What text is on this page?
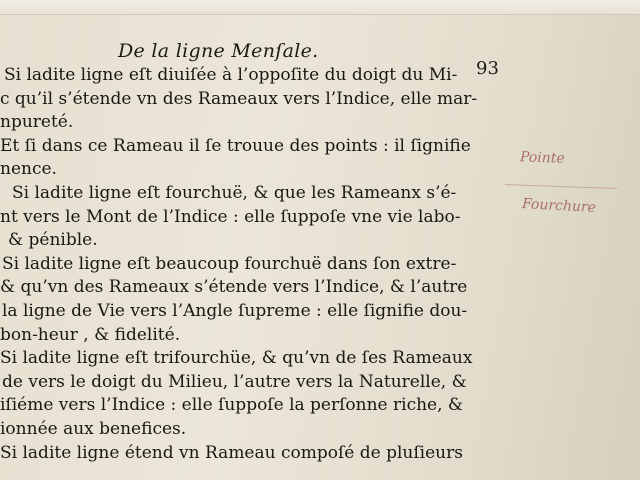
De la ligne Menſale.
93
Si ladite ligne eſt diuiſée à l’oppoſite du doigt du Mi-
c qu’il s’étende vn des Rameaux vers l’Indice, elle mar-
npureté.
Et ſi dans ce Rameau il ſe trouue des points : il ſignifie
nence.
Si ladite ligne eſt fourchuë, & que les Rameanx s’é-
nt vers le Mont de l’Indice : elle ſuppoſe vne vie labo-
& pénible.
Si ladite ligne eſt beaucoup fourchuë dans ſon extre-
& qu’vn des Rameaux s’étende vers l’Indice, & l’autre
la ligne de Vie vers l’Angle ſupreme : elle ſignifie dou-
bon-heur , & fidelité.
Si ladite ligne eſt trifourchüe, & qu’vn de ſes Rameaux
de vers le doigt du Milieu, l’autre vers la Naturelle, &
iſiéme vers l’Indice : elle ſuppoſe la perſonne riche, &
ionnée aux benefices.
Si ladite ligne étend vn Rameau compoſé de pluſieurs
Pointe
Fourchure
